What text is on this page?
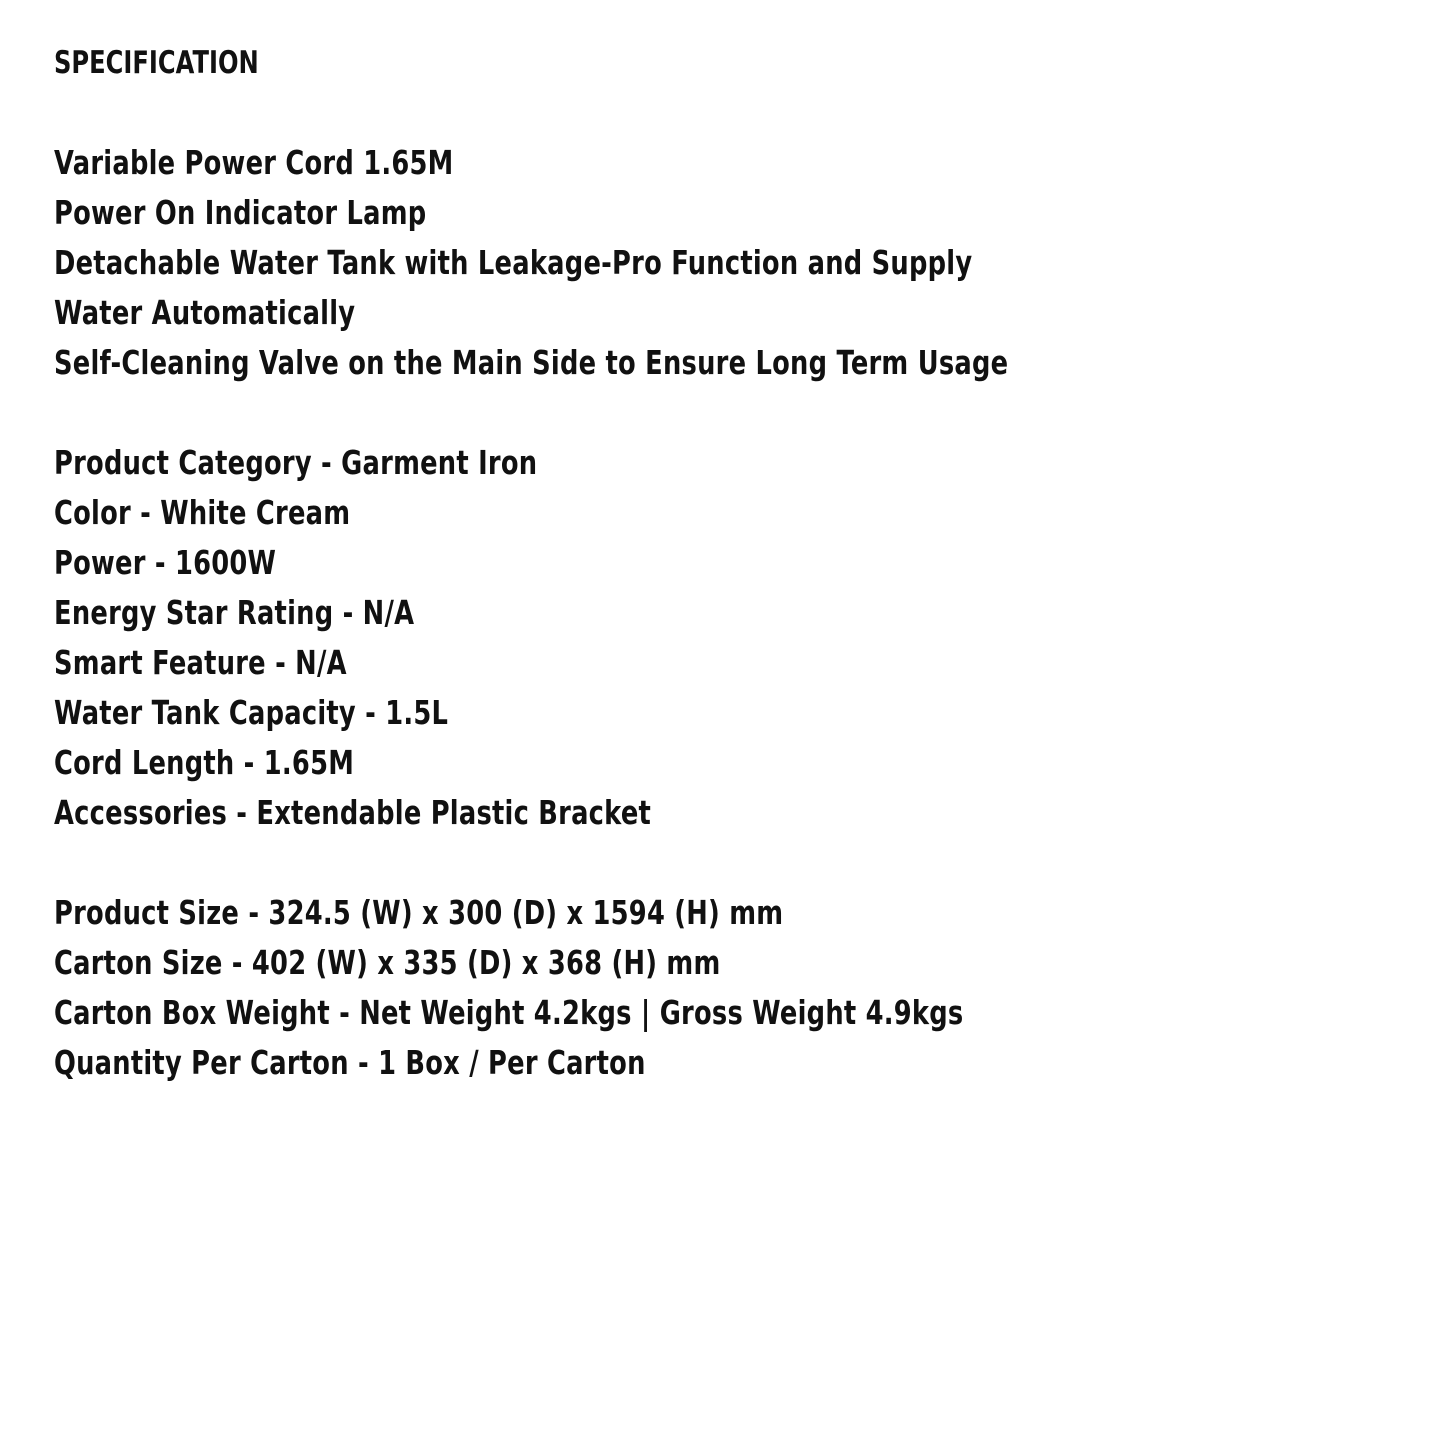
SPECIFICATION
Variable Power Cord 1.65M
Power On Indicator Lamp
Detachable Water Tank with Leakage-Pro Function and Supply
Water Automatically
Self-Cleaning Valve on the Main Side to Ensure Long Term Usage
Product Category - Garment Iron
Color - White Cream
Power - 1600W
Energy Star Rating - N/A
Smart Feature - N/A
Water Tank Capacity - 1.5L
Cord Length - 1.65M
Accessories - Extendable Plastic Bracket
Product Size - 324.5 (W) x 300 (D) x 1594 (H) mm
Carton Size - 402 (W) x 335 (D) x 368 (H) mm
Carton Box Weight - Net Weight 4.2kgs | Gross Weight 4.9kgs
Quantity Per Carton - 1 Box / Per Carton
